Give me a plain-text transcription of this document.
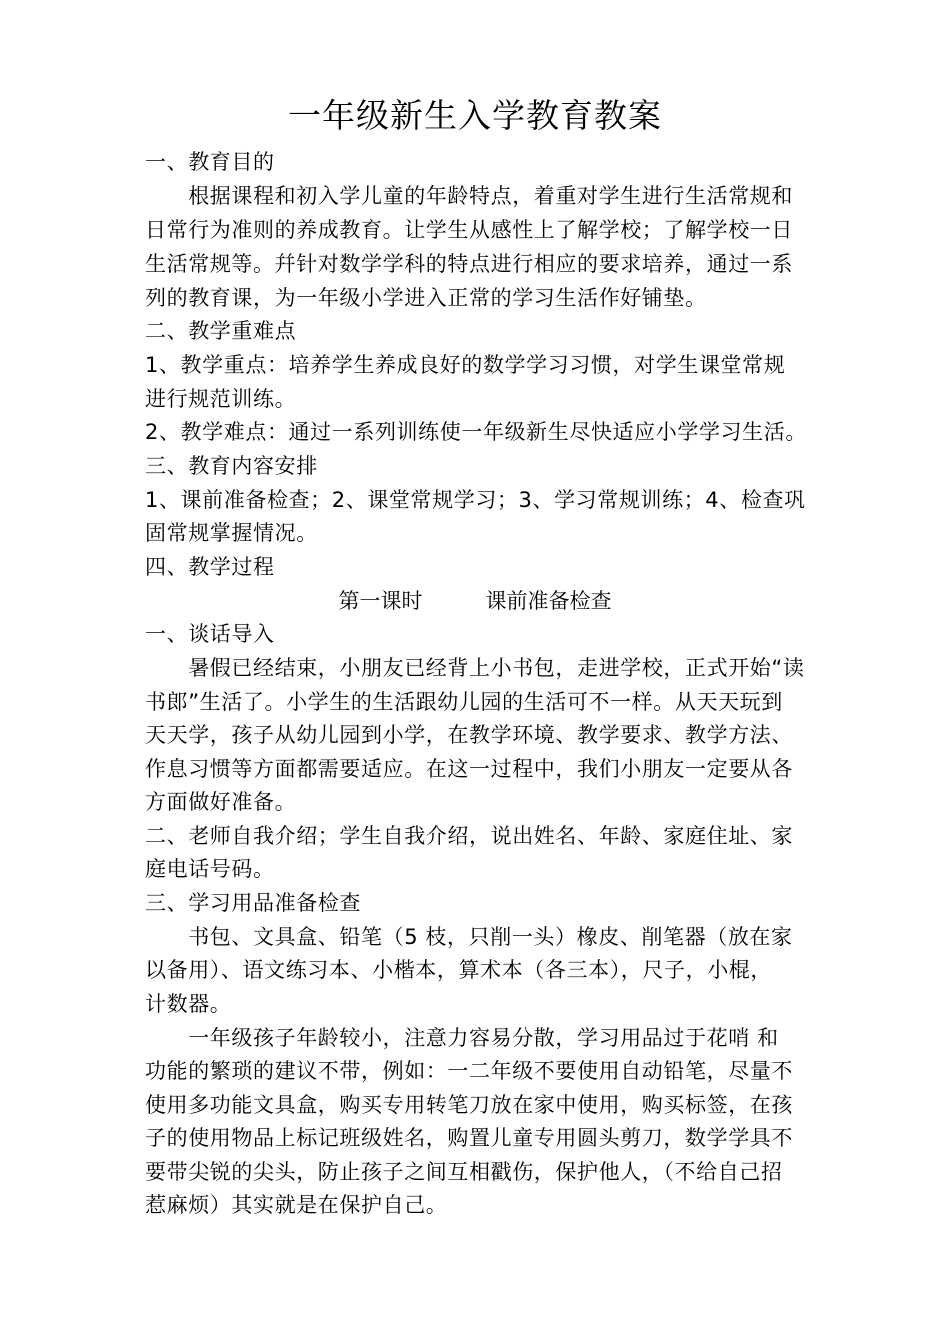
一年级新生入学教育教案
一、教育目的
　　根据课程和初入学儿童的年龄特点，着重对学生进行生活常规和
日常行为准则的养成教育。让学生从感性上了解学校；了解学校一日
生活常规等。幷针对数学学科的特点进行相应的要求培养，通过一系
列的教育课，为一年级小学进入正常的学习生活作好铺垫。
二、教学重难点
1、教学重点：培养学生养成良好的数学学习习惯，对学生课堂常规
进行规范训练。
2、教学难点：通过一系列训练使一年级新生尽快适应小学学习生活。
三、教育内容安排
1、课前准备检查；2、课堂常规学习；3、学习常规训练；4、检查巩
固常规掌握情况。
四、教学过程
第一课时　　　课前准备检查
一、谈话导入
　　暑假已经结束，小朋友已经背上小书包，走进学校，正式开始“读
书郎”生活了。小学生的生活跟幼儿园的生活可不一样。从天天玩到
天天学，孩子从幼儿园到小学，在教学环境、教学要求、教学方法、
作息习惯等方面都需要适应。在这一过程中，我们小朋友一定要从各
方面做好准备。
二、老师自我介绍；学生自我介绍，说出姓名、年龄、家庭住址、家
庭电话号码。
三、学习用品准备检查
　　书包、文具盒、铅笔（5 枝，只削一头）橡皮、削笔器（放在家
以备用）、语文练习本、小楷本，算术本（各三本），尺子，小棍，
计数器。
　　一年级孩子年龄较小，注意力容易分散，学习用品过于花哨 和
功能的繁琐的建议不带，例如：一二年级不要使用自动铅笔，尽量不
使用多功能文具盒，购买专用转笔刀放在家中使用，购买标签，在孩
子的使用物品上标记班级姓名，购置儿童专用圆头剪刀，数学学具不
要带尖锐的尖头，防止孩子之间互相戳伤，保护他人，（不给自己招
惹麻烦）其实就是在保护自己。
